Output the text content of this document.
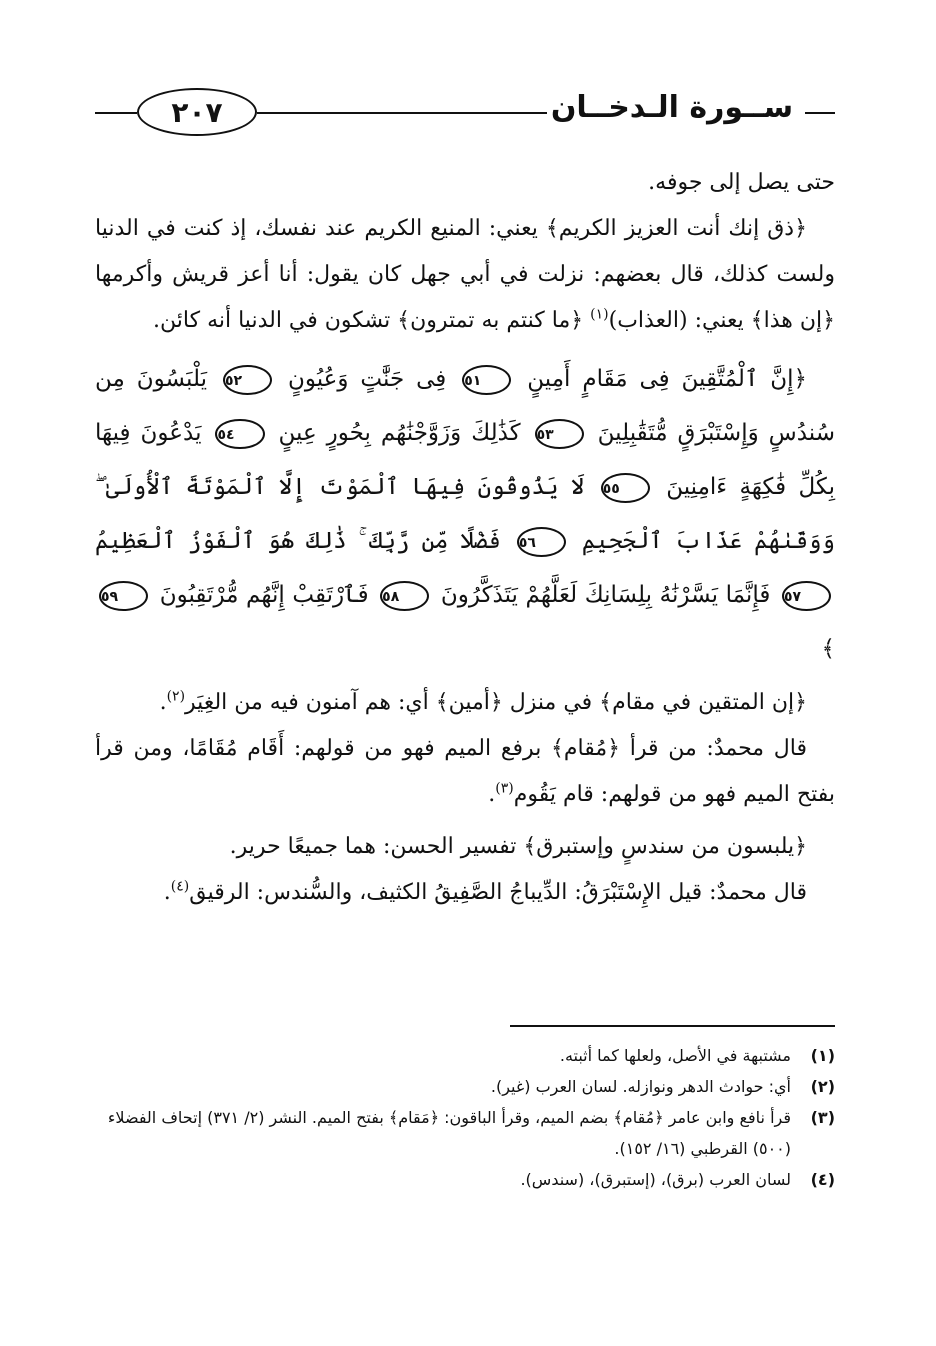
٢٠٧	ســورة الـدخــان

حتى يصل إلى جوفه.

﴿ذق إنك أنت العزيز الكريم﴾ يعني: المنيع الكريم عند نفسك، إذ كنت في الدنيا ولست كذلك، قال بعضهم: نزلت في أبي جهل كان يقول: أنا أعز قريش وأكرمها ﴿إن هذا﴾ يعني: (العذاب)$^{(١)}$ ﴿ما كنتم به تمترون﴾ تشكون في الدنيا أنه كائن.

﴿إِنَّ ٱلْمُتَّقِينَ فِى مَقَامٍ أَمِينٍ ٥١ فِى جَنَّٰتٍ وَعُيُونٍ ٥٢ يَلْبَسُونَ مِن سُندُسٍ وَإِسْتَبْرَقٍ مُّتَقَٰبِلِينَ ٥٣ كَذَٰلِكَ وَزَوَّجْنَٰهُم بِحُورٍ عِينٍ ٥٤ يَدْعُونَ فِيهَا بِكُلِّ فَٰكِهَةٍ ءَامِنِينَ ٥٥ لَا يَذُوقُونَ فِيهَا ٱلْمَوْتَ إِلَّا ٱلْمَوْتَةَ ٱلْأُولَىٰ ۖ وَوَقَىٰهُمْ عَذَابَ ٱلْجَحِيمِ ٥٦ فَضْلًا مِّن رَّبِّكَ ۚ ذَٰلِكَ هُوَ ٱلْفَوْزُ ٱلْعَظِيمُ ٥٧ فَإِنَّمَا يَسَّرْنَٰهُ بِلِسَانِكَ لَعَلَّهُمْ يَتَذَكَّرُونَ ٥٨ فَٱرْتَقِبْ إِنَّهُم مُّرْتَقِبُونَ ٥٩﴾

﴿إن المتقين في مقام﴾ في منزل ﴿أمين﴾ أي: هم آمنون فيه من الغِيَر$^{(٢)}$.

قال محمدٌ: من قرأ ﴿مُقام﴾ برفع الميم فهو من قولهم: أَقَام مُقَامًا، ومن قرأ بفتح الميم فهو من قولهم: قام يَقُوم$^{(٣)}$.

﴿يلبسون من سندسٍ وإستبرق﴾ تفسير الحسن: هما جميعًا حرير.

قال محمدٌ: قيل الإِسْتَبْرَقُ: الدِّيباجُ الصَّفِيقُ الكثيف، والسُّندس: الرقيق$^{(٤)}$.

(١)
مشتبهة في الأصل، ولعلها كما أثبته.
(٢)
أي: حوادث الدهر ونوازله. لسان العرب (غير).
(٣)
قرأ نافع وابن عامر ﴿مُقام﴾ بضم الميم، وقرأ الباقون: ﴿مَقام﴾ بفتح الميم. النشر (٢/ ٣٧١) إتحاف الفضلاء (٥٠٠) القرطبي (١٦/ ١٥٢).
(٤)
لسان العرب (برق)، (إستبرق)، (سندس).
